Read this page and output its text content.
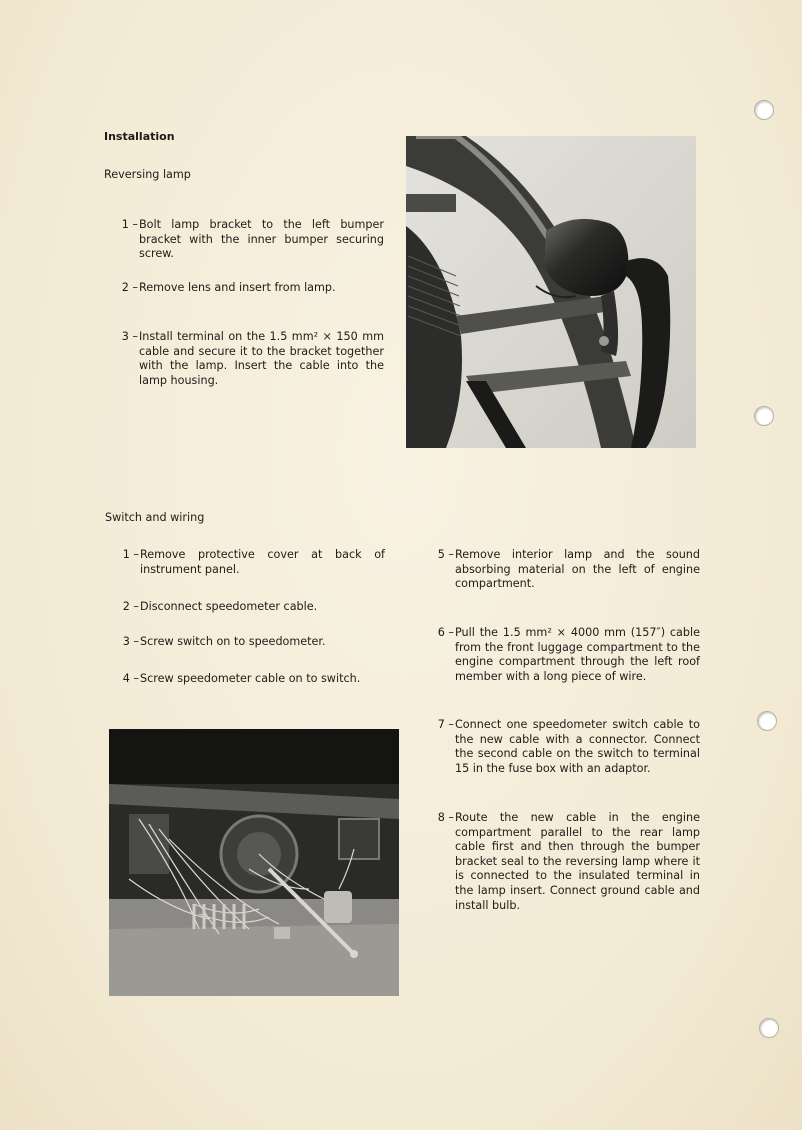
Installation
Reversing lamp
1 – Bolt lamp bracket to the left bumper bracket with the inner bumper securing screw.
2 – Remove lens and insert from lamp.
3 – Install terminal on the 1.5 mm² × 150 mm cable and secure it to the bracket together with the lamp. Insert the cable into the lamp housing.
Switch and wiring
1 – Remove protective cover at back of instrument panel.
2 – Disconnect speedometer cable.
3 – Screw switch on to speedometer.
4 – Screw speedometer cable on to switch.
5 – Remove interior lamp and the sound absorbing material on the left of engine compartment.
6 – Pull the 1.5 mm² × 4000 mm (157″) cable from the front luggage compartment to the engine compartment through the left roof member with a long piece of wire.
7 – Connect one speedometer switch cable to the new cable with a connector. Connect the second cable on the switch to terminal 15 in the fuse box with an adaptor.
8 – Route the new cable in the engine compartment parallel to the rear lamp cable first and then through the bumper bracket seal to the reversing lamp where it is connected to the insulated terminal in the lamp insert. Connect ground cable and install bulb.
